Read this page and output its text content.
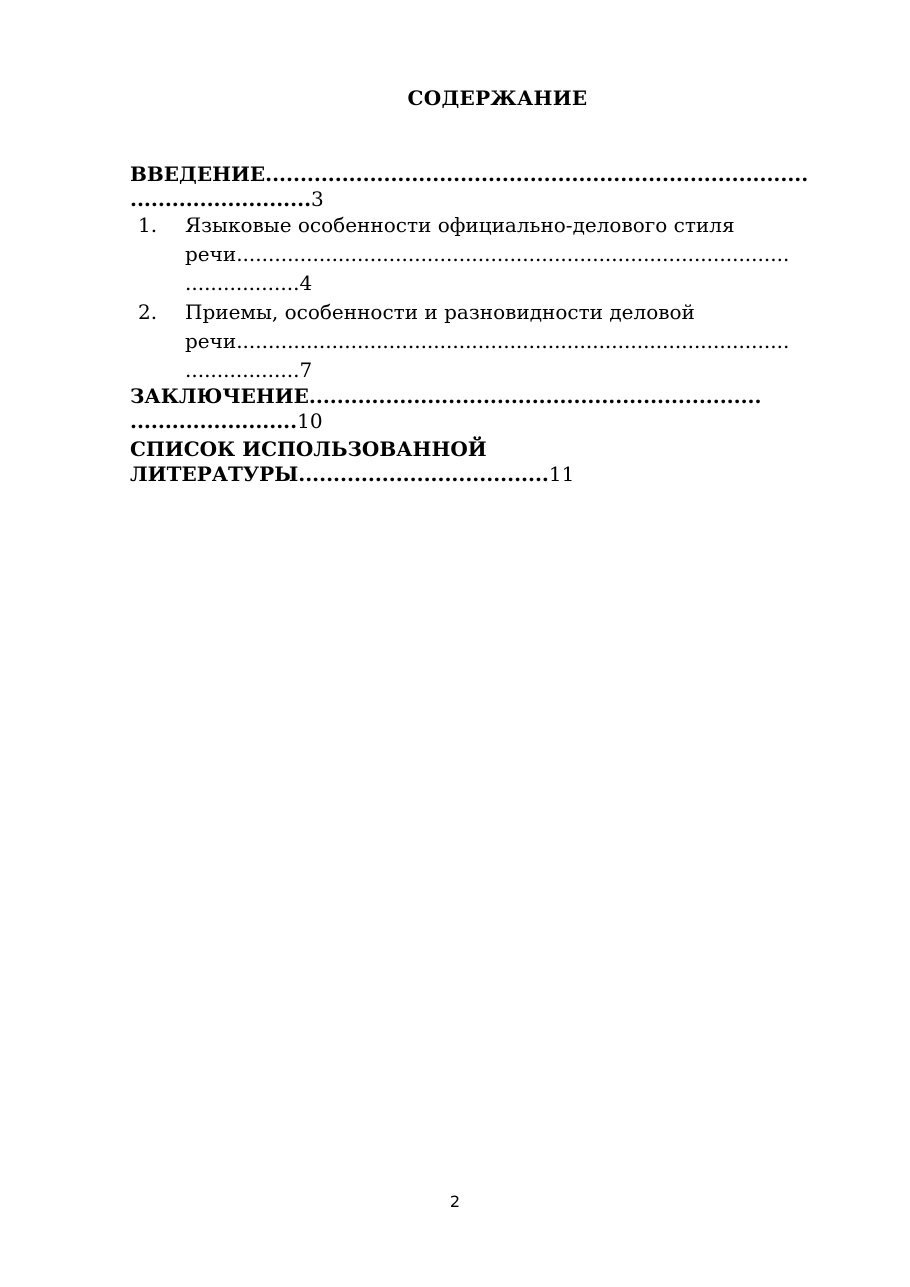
СОДЕРЖАНИЕ
ВВЕДЕНИЕ..............................................................................
..........................3
1. Языковые особенности официально-делового стиля
речи.......................................................................................
..................4
2. Приемы, особенности и разновидности деловой
речи.......................................................................................
..................7
ЗАКЛЮЧЕНИЕ.................................................................
........................10
СПИСОК ИСПОЛЬЗОВАННОЙ
ЛИТЕРАТУРЫ....................................11
2
